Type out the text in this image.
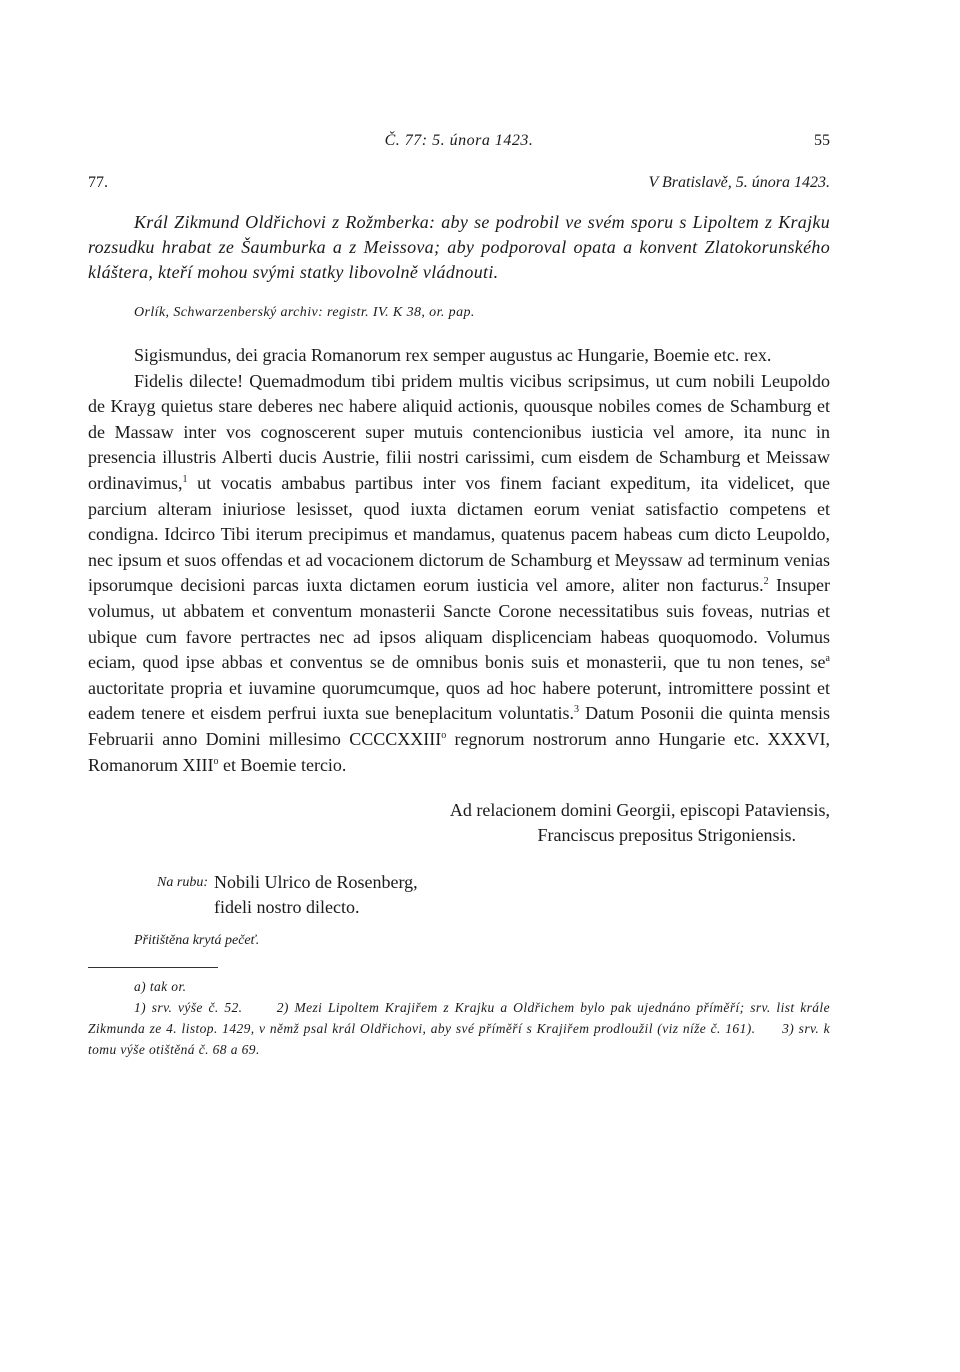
Č. 77: 5. února 1423.	55
77.	V Bratislavě, 5. února 1423.

Král Zikmund Oldřichovi z Rožmberka: aby se podrobil ve svém sporu s Lipoltem z Krajku rozsudku hrabat ze Šaumburka a z Meissova; aby podporoval opata a konvent Zlatokorunského kláštera, kteří mohou svými statky libovolně vládnouti.

Orlík, Schwarzenberský archiv: registr. IV. K 38, or. pap.

Sigismundus, dei gracia Romanorum rex semper augustus ac Hungarie, Boemie etc. rex.

Fidelis dilecte! Quemadmodum tibi pridem multis vicibus scripsimus, ut cum nobili Leupoldo de Krayg quietus stare deberes nec habere aliquid actionis, quousque nobiles comes de Schamburg et de Massaw inter vos cognoscerent super mutuis contencionibus iusticia vel amore, ita nunc in presencia illustris Alberti ducis Austrie, filii nostri carissimi, cum eisdem de Schamburg et Meissaw ordinavimus,$^1$ ut vocatis ambabus partibus inter vos finem faciant expeditum, ita videlicet, que parcium alteram iniuriose lesisset, quod iuxta dictamen eorum veniat satisfactio competens et condigna. Idcirco Tibi iterum precipimus et mandamus, quatenus pacem habeas cum dicto Leupoldo, nec ipsum et suos offendas et ad vocacionem dictorum de Schamburg et Meyssaw ad terminum venias ipsorumque decisioni parcas iuxta dictamen eorum iusticia vel amore, aliter non facturus.$^2$ Insuper volumus, ut abbatem et conventum monasterii Sancte Corone necessitatibus suis foveas, nutrias et ubique cum favore pertractes nec ad ipsos aliquam displicenciam habeas quoquomodo. Volumus eciam, quod ipse abbas et conventus se de omnibus bonis suis et monasterii, que tu non tenes, $se^a$ auctoritate propria et iuvamine quorumcumque, quos ad hoc habere poterunt, intromittere possint et eadem tenere et eisdem perfrui iuxta sue beneplacitum voluntatis.$^3$ Datum Posonii die quinta mensis Februarii anno Domini millesimo CCCCXXIII$^o$ regnorum nostrorum anno Hungarie etc. XXXVI, Romanorum XIII$^o$ et Boemie tercio.

Ad relacionem domini Georgii, episcopi Pataviensis,
Franciscus prepositus Strigoniensis.
Na rubu: Nobili Ulrico de Rosenberg,
fideli nostro dilecto.
Přitištěna krytá pečeť.

a) tak or.

1) srv. výše č. 52.	2) Mezi Lipoltem Krajiřem z Krajku a Oldřichem bylo pak ujednáno příměří; srv. list krále Zikmunda ze 4. listop. 1429, v němž psal král Oldřichovi, aby své příměří s Krajiřem prodloužil (viz níže č. 161). 3) srv. k tomu výše otištěná č. 68 a 69.
